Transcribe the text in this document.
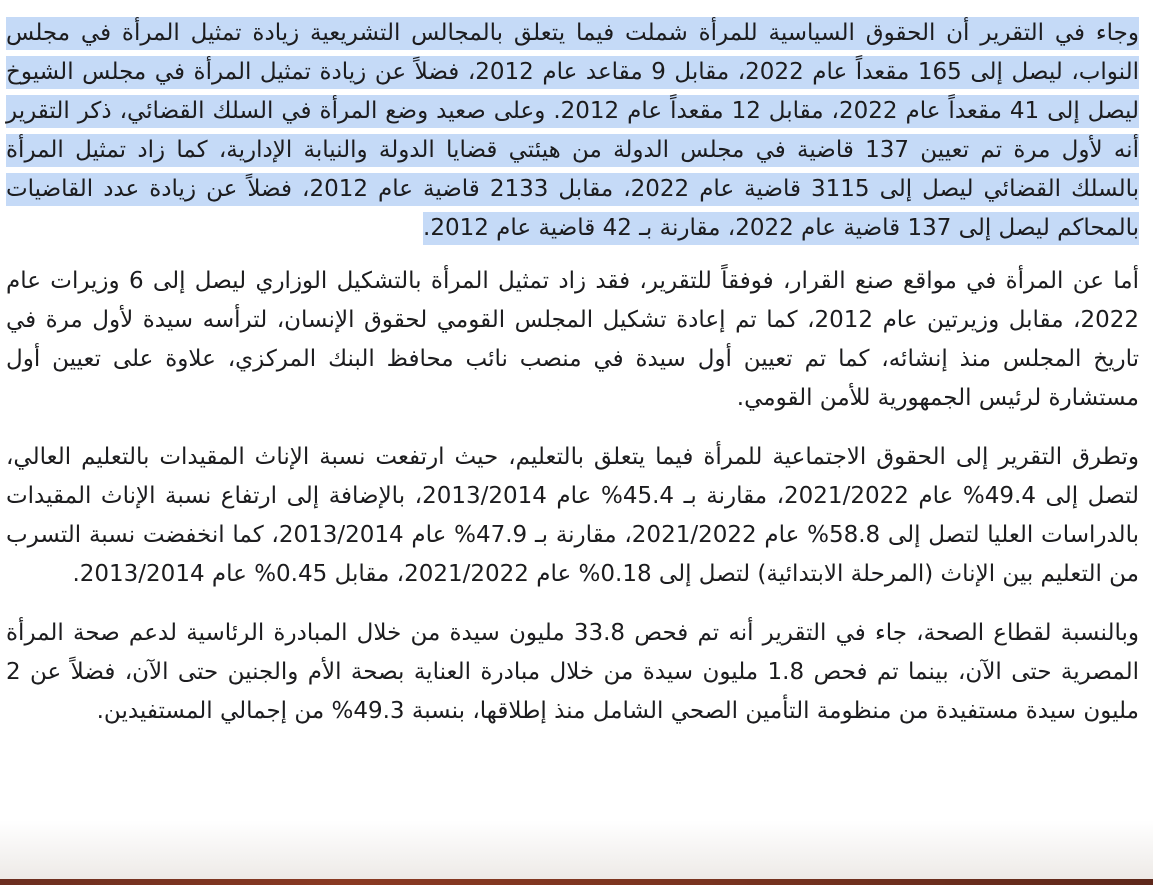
وجاء في التقرير أن الحقوق السياسية للمرأة شملت فيما يتعلق بالمجالس التشريعية زيادة تمثيل المرأة في مجلس النواب، ليصل إلى 165 مقعداً عام 2022، مقابل 9 مقاعد عام 2012، فضلاً عن زيادة تمثيل المرأة في مجلس الشيوخ ليصل إلى 41 مقعداً عام 2022، مقابل 12 مقعداً عام 2012. وعلى صعيد وضع المرأة في السلك القضائي، ذكر التقرير أنه لأول مرة تم تعيين 137 قاضية في مجلس الدولة من هيئتي قضايا الدولة والنيابة الإدارية، كما زاد تمثيل المرأة بالسلك القضائي ليصل إلى 3115 قاضية عام 2022، مقابل 2133 قاضية عام 2012، فضلاً عن زيادة عدد القاضيات بالمحاكم ليصل إلى 137 قاضية عام 2022، مقارنة بـ 42 قاضية عام 2012.

أما عن المرأة في مواقع صنع القرار، فوفقاً للتقرير، فقد زاد تمثيل المرأة بالتشكيل الوزاري ليصل إلى 6 وزيرات عام 2022، مقابل وزيرتين عام 2012، كما تم إعادة تشكيل المجلس القومي لحقوق الإنسان، لترأسه سيدة لأول مرة في تاريخ المجلس منذ إنشائه، كما تم تعيين أول سيدة في منصب نائب محافظ البنك المركزي، علاوة على تعيين أول مستشارة لرئيس الجمهورية للأمن القومي.

وتطرق التقرير إلى الحقوق الاجتماعية للمرأة فيما يتعلق بالتعليم، حيث ارتفعت نسبة الإناث المقيدات بالتعليم العالي، لتصل إلى 49.4% عام 2021/2022، مقارنة بـ 45.4% عام 2013/2014، بالإضافة إلى ارتفاع نسبة الإناث المقيدات بالدراسات العليا لتصل إلى 58.8% عام 2021/2022، مقارنة بـ 47.9% عام 2013/2014، كما انخفضت نسبة التسرب من التعليم بين الإناث (المرحلة الابتدائية) لتصل إلى 0.18% عام 2021/2022، مقابل 0.45% عام 2013/2014.

وبالنسبة لقطاع الصحة، جاء في التقرير أنه تم فحص 33.8 مليون سيدة من خلال المبادرة الرئاسية لدعم صحة المرأة المصرية حتى الآن، بينما تم فحص 1.8 مليون سيدة من خلال مبادرة العناية بصحة الأم والجنين حتى الآن، فضلاً عن 2 مليون سيدة مستفيدة من منظومة التأمين الصحي الشامل منذ إطلاقها، بنسبة 49.3% من إجمالي المستفيدين.
